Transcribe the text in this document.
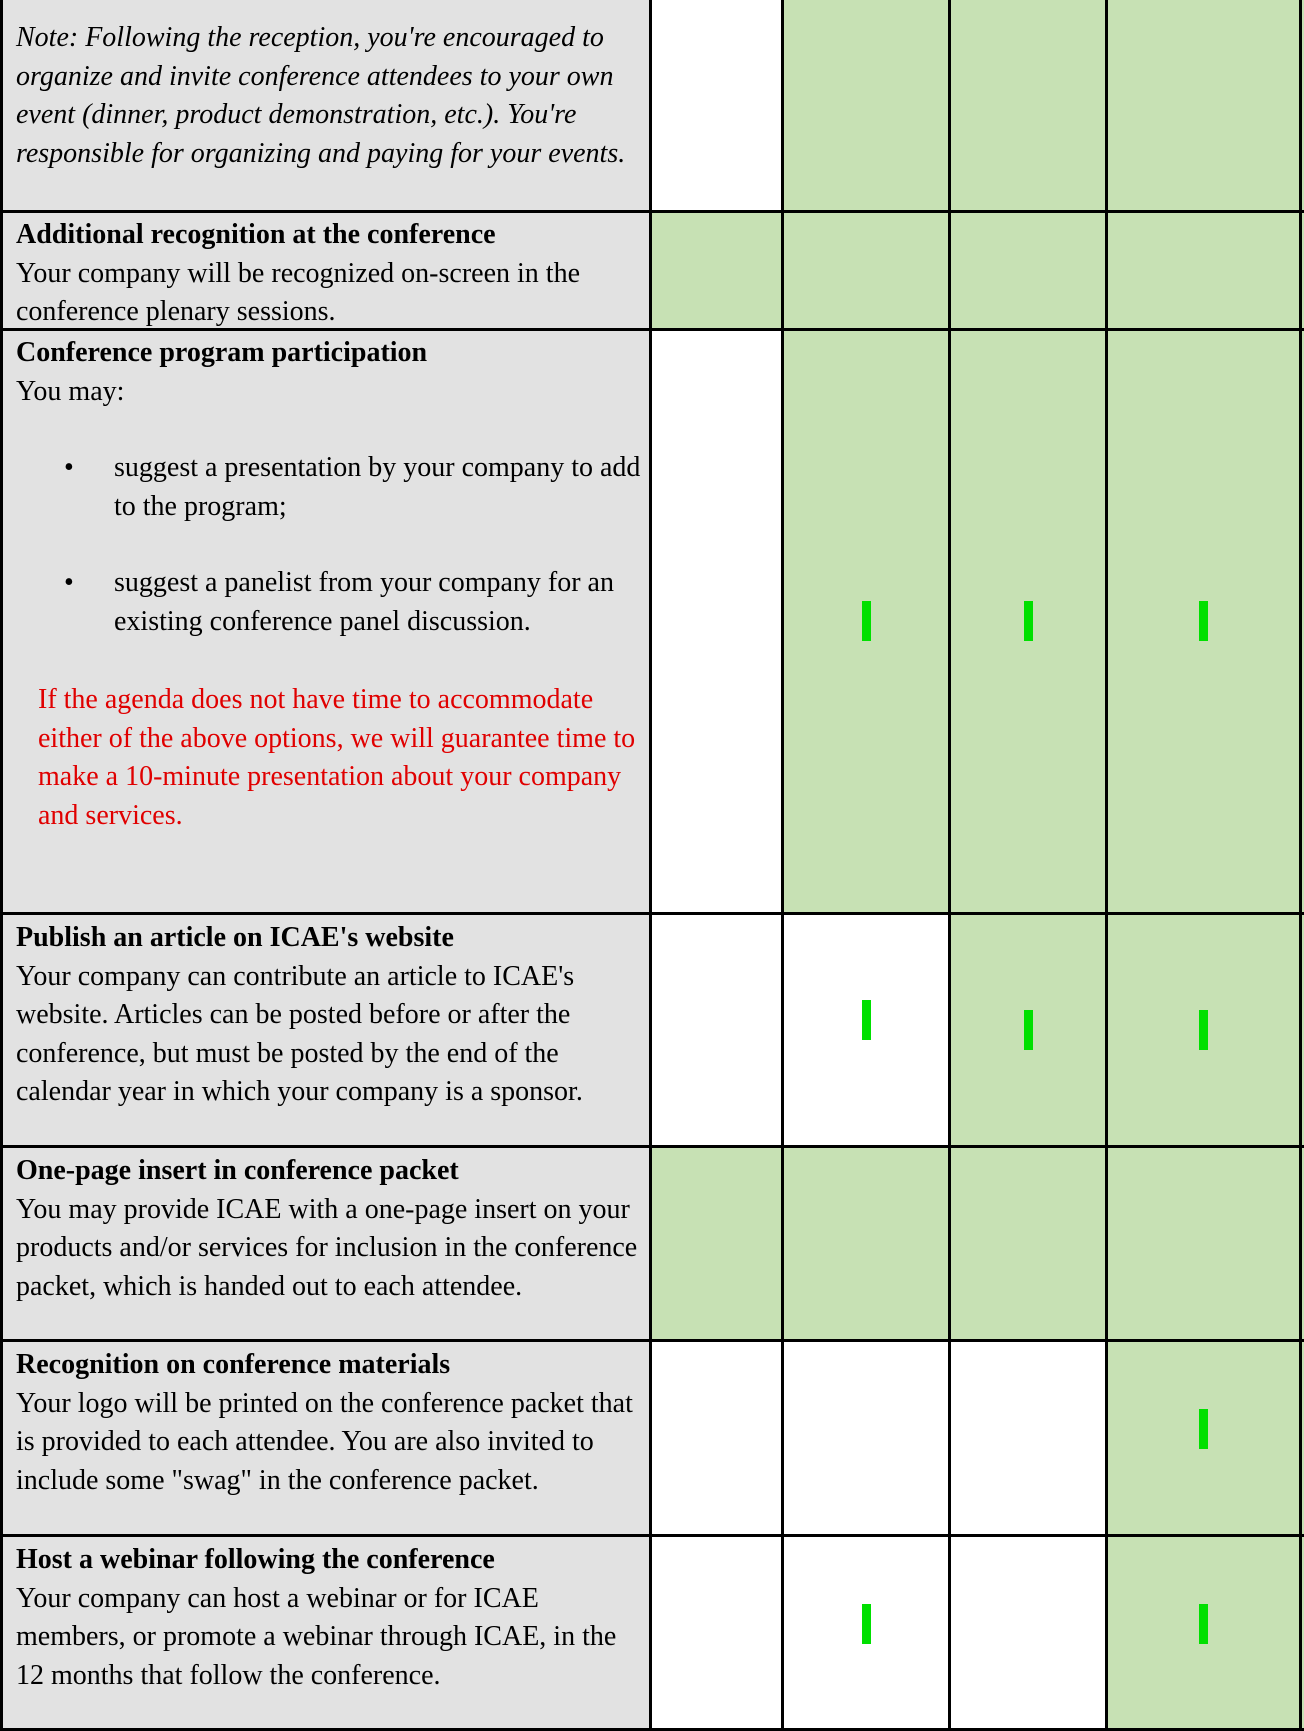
Note: Following the reception, you're encouraged to organize and invite conference attendees to your own event (dinner, product demonstration, etc.). You're responsible for organizing and paying for your events.
Additional recognition at the conference
Your company will be recognized on-screen in the conference plenary sessions.
Conference program participation
You may:
• suggest a presentation by your company to add to the program;
• suggest a panelist from your company for an existing conference panel discussion.
If the agenda does not have time to accommodate either of the above options, we will guarantee time to make a 10-minute presentation about your company and services.
Publish an article on ICAE's website
Your company can contribute an article to ICAE's website. Articles can be posted before or after the conference, but must be posted by the end of the calendar year in which your company is a sponsor.
One-page insert in conference packet
You may provide ICAE with a one-page insert on your products and/or services for inclusion in the conference packet, which is handed out to each attendee.
Recognition on conference materials
Your logo will be printed on the conference packet that is provided to each attendee. You are also invited to include some "swag" in the conference packet.
Host a webinar following the conference
Your company can host a webinar or for ICAE members, or promote a webinar through ICAE, in the 12 months that follow the conference.
